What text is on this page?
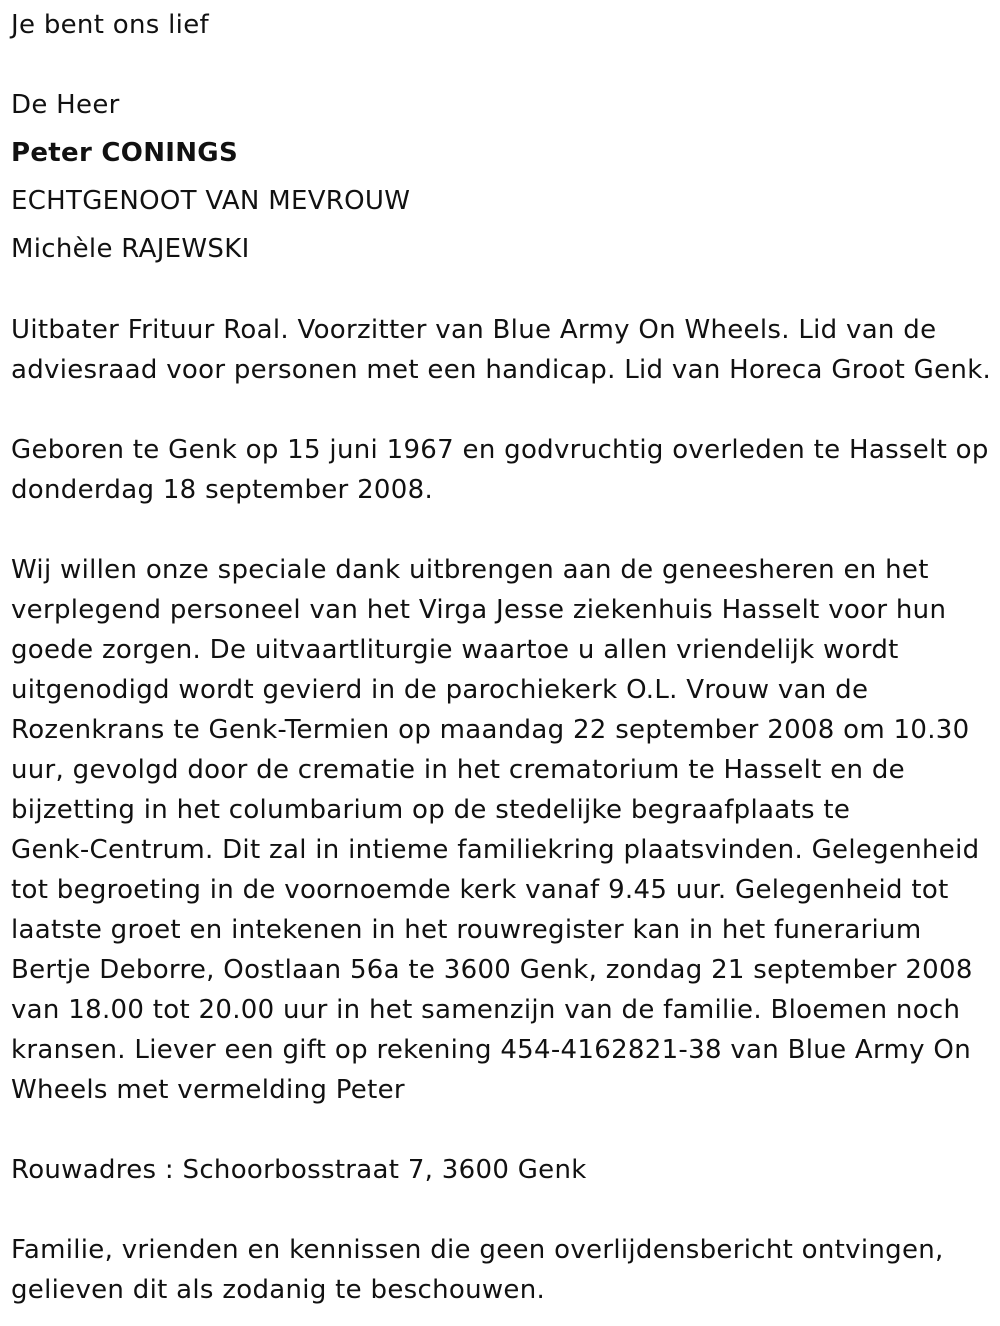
Je bent ons lief
De Heer
Peter CONINGS
ECHTGENOOT VAN MEVROUW
Michèle RAJEWSKI
Uitbater Frituur Roal. Voorzitter van Blue Army On Wheels. Lid van de
adviesraad voor personen met een handicap. Lid van Horeca Groot Genk.
Geboren te Genk op 15 juni 1967 en godvruchtig overleden te Hasselt op
donderdag 18 september 2008.
Wij willen onze speciale dank uitbrengen aan de geneesheren en het
verplegend personeel van het Virga Jesse ziekenhuis Hasselt voor hun
goede zorgen. De uitvaartliturgie waartoe u allen vriendelijk wordt
uitgenodigd wordt gevierd in de parochiekerk O.L. Vrouw van de
Rozenkrans te Genk-Termien op maandag 22 september 2008 om 10.30
uur, gevolgd door de crematie in het crematorium te Hasselt en de
bijzetting in het columbarium op de stedelijke begraafplaats te
Genk-Centrum. Dit zal in intieme familiekring plaatsvinden. Gelegenheid
tot begroeting in de voornoemde kerk vanaf 9.45 uur. Gelegenheid tot
laatste groet en intekenen in het rouwregister kan in het funerarium
Bertje Deborre, Oostlaan 56a te 3600 Genk, zondag 21 september 2008
van 18.00 tot 20.00 uur in het samenzijn van de familie. Bloemen noch
kransen. Liever een gift op rekening 454-4162821-38 van Blue Army On
Wheels met vermelding Peter
Rouwadres : Schoorbosstraat 7, 3600 Genk
Familie, vrienden en kennissen die geen overlijdensbericht ontvingen,
gelieven dit als zodanig te beschouwen.
